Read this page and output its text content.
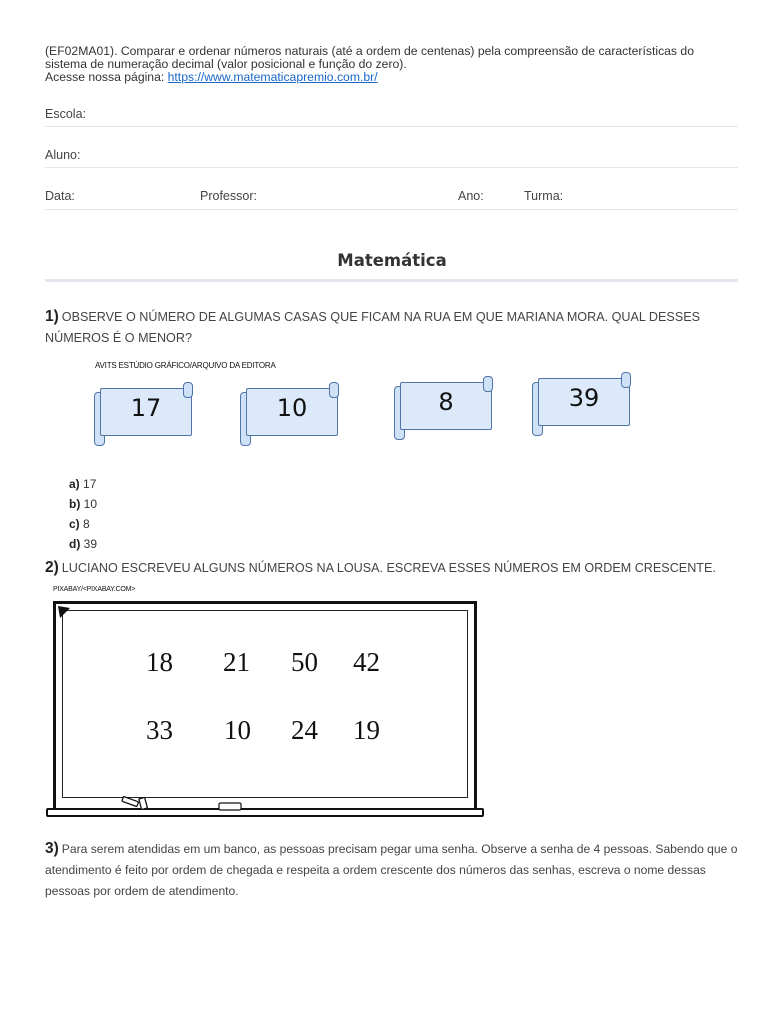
(EF02MA01). Comparar e ordenar números naturais (até a ordem de centenas) pela compreensão de características do sistema de numeração decimal (valor posicional e função do zero).
Acesse nossa página: https://www.matematicapremio.com.br/
Escola:
Aluno:
Data:	Professor:	Ano:	Turma:
Matemática
1) OBSERVE O NÚMERO DE ALGUMAS CASAS QUE FICAM NA RUA EM QUE MARIANA MORA. QUAL DESSES NÚMEROS É O MENOR?
AVITS ESTÚDIO GRÁFICO/ARQUIVO DA EDITORA
17	10	8	39
a) 17
b) 10
c) 8
d) 39
2) LUCIANO ESCREVEU ALGUNS NÚMEROS NA LOUSA. ESCREVA ESSES NÚMEROS EM ORDEM CRESCENTE.
PIXABAY/<PIXABAY.COM>
18 21 50 42
33 10 24 19
3) Para serem atendidas em um banco, as pessoas precisam pegar uma senha. Observe a senha de 4 pessoas. Sabendo que o atendimento é feito por ordem de chegada e respeita a ordem crescente dos números das senhas, escreva o nome dessas pessoas por ordem de atendimento.
